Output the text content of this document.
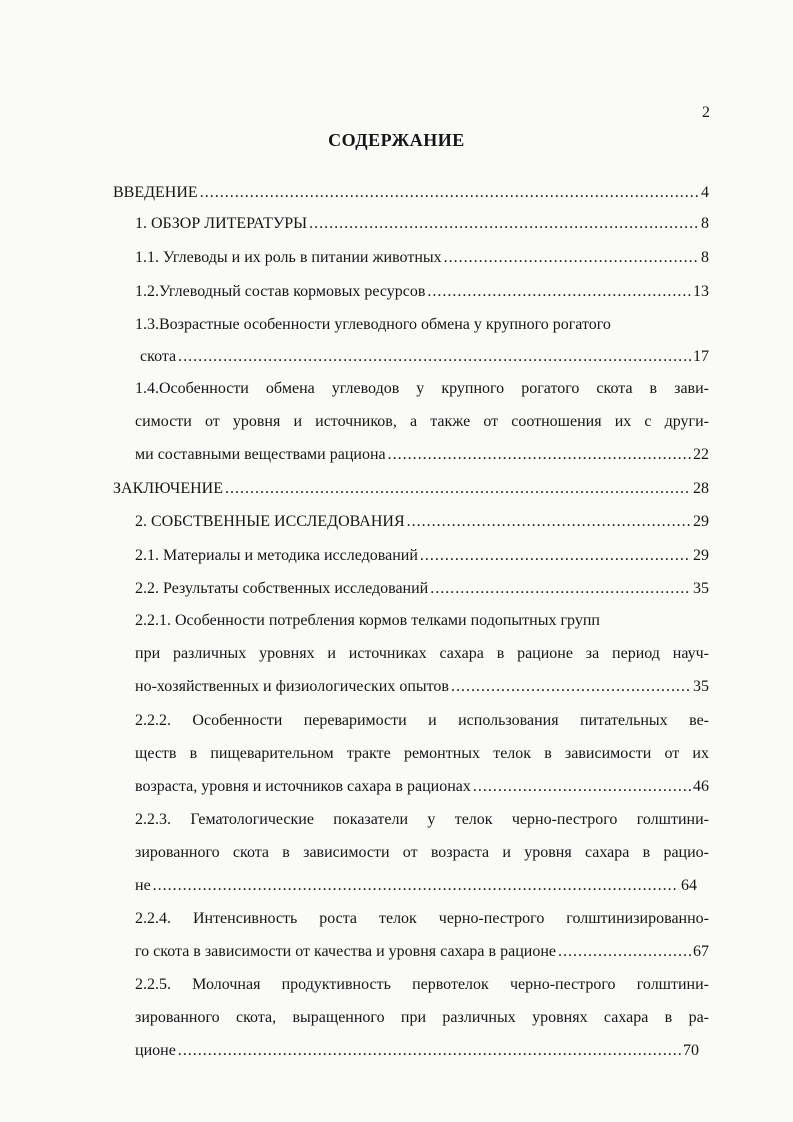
2
СОДЕРЖАНИЕ
ВВЕДЕНИЕ .....	4
1. ОБЗОР ЛИТЕРАТУРЫ .....	8
1.1. Углеводы и их роль в питании животных .....	8
1.2.Углеводный состав кормовых ресурсов .....	13
1.3.Возрастные особенности углеводного обмена у крупного рогатого
скота .....	17
1.4.Особенности обмена углеводов у крупного рогатого скота в зави-
симости от уровня и источников, а также от соотношения их с други-
ми составными веществами рациона .....	22
ЗАКЛЮЧЕНИЕ .....	28
2. СОБСТВЕННЫЕ ИССЛЕДОВАНИЯ .....	29
2.1. Материалы и методика исследований .....	29
2.2. Результаты собственных исследований .....	35
2.2.1. Особенности потребления кормов телками подопытных групп
при различных уровнях и источниках сахара в рационе за период науч-
но-хозяйственных и физиологических опытов .....	35
2.2.2. Особенности переваримости и использования питательных ве-
ществ в пищеварительном тракте ремонтных телок в зависимости от их
возраста, уровня и источников сахара в рационах .....	46
2.2.3. Гематологические показатели у телок черно-пестрого голштини-
зированного скота в зависимости от возраста и уровня сахара в рацио-
не .....	64
2.2.4. Интенсивность роста телок черно-пестрого голштинизированно-
го скота в зависимости от качества и уровня сахара в рационе .....	67
2.2.5. Молочная продуктивность первотелок черно-пестрого голштини-
зированного скота, выращенного при различных уровнях сахара в ра-
ционе .....	70
